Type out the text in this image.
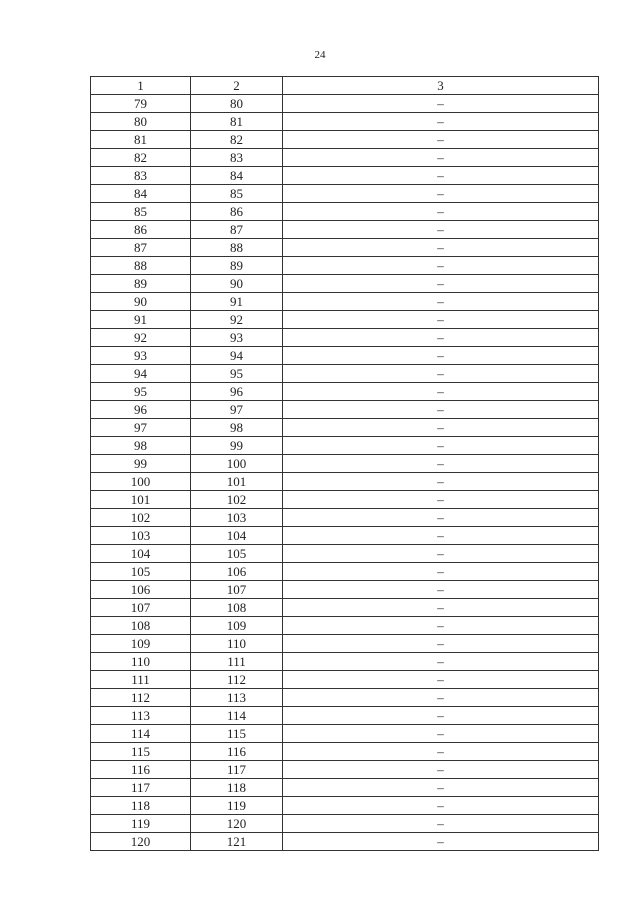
24
1	2	3
79	80	–
80	81	–
81	82	–
82	83	–
83	84	–
84	85	–
85	86	–
86	87	–
87	88	–
88	89	–
89	90	–
90	91	–
91	92	–
92	93	–
93	94	–
94	95	–
95	96	–
96	97	–
97	98	–
98	99	–
99	100	–
100	101	–
101	102	–
102	103	–
103	104	–
104	105	–
105	106	–
106	107	–
107	108	–
108	109	–
109	110	–
110	111	–
111	112	–
112	113	–
113	114	–
114	115	–
115	116	–
116	117	–
117	118	–
118	119	–
119	120	–
120	121	–
